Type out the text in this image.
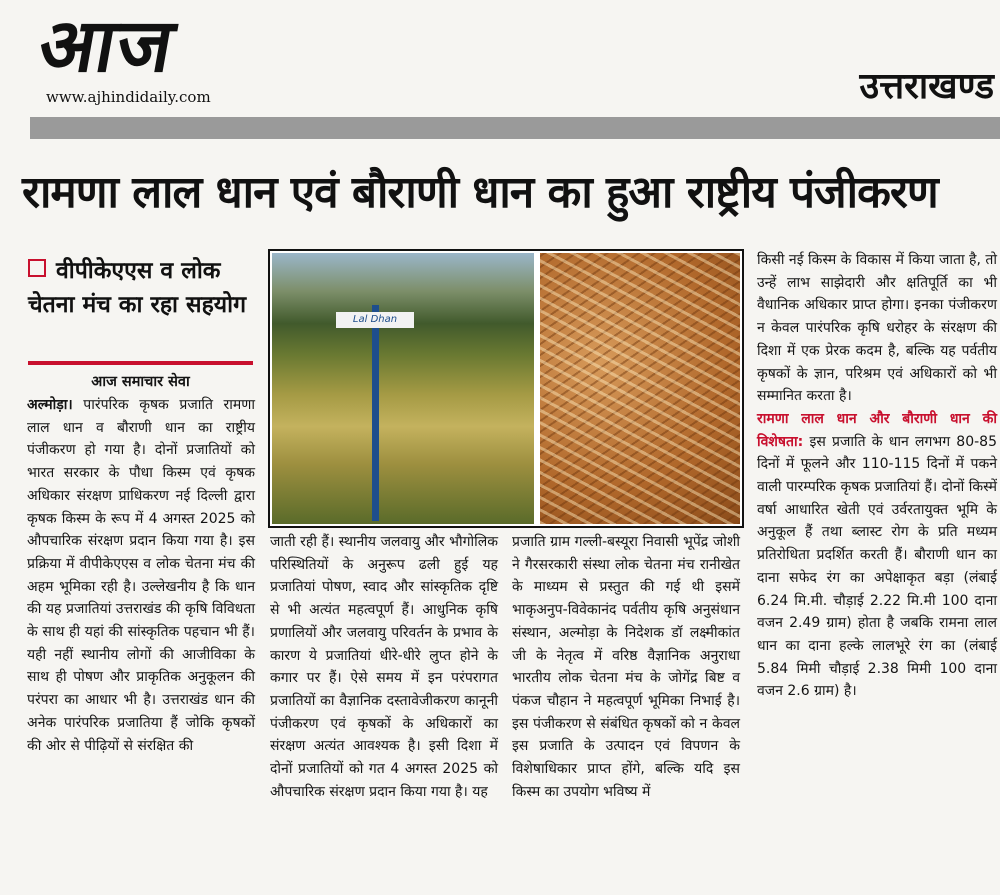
आज
www.ajhindidaily.com	उत्तराखण्ड
रामणा लाल धान एवं बौराणी धान का हुआ राष्ट्रीय पंजीकरण
वीपीकेएएस व लोक चेतना मंच का रहा सहयोग
आज समाचार सेवा
अल्मोड़ा। पारंपरिक कृषक प्रजाति रामणा लाल धान व बौराणी धान का राष्ट्रीय पंजीकरण हो गया है। दोनों प्रजातियों को भारत सरकार के पौधा किस्म एवं कृषक अधिकार संरक्षण प्राधिकरण नई दिल्ली द्वारा कृषक किस्म के रूप में 4 अगस्त 2025 को औपचारिक संरक्षण प्रदान किया गया है। इस प्रक्रिया में वीपीकेएएस व लोक चेतना मंच की अहम भूमिका रही है। उल्लेखनीय है कि धान की यह प्रजातियां उत्तराखंड की कृषि विविधता के साथ ही यहां की सांस्कृतिक पहचान भी हैं। यही नहीं स्थानीय लोगों की आजीविका के साथ ही पोषण और प्राकृतिक अनुकूलन की परंपरा का आधार भी है। उत्तराखंड धान की अनेक पारंपरिक प्रजातिया हैं जोकि कृषकों की ओर से पीढ़ियों से संरक्षित की
Lal Dhan
जाती रही हैं। स्थानीय जलवायु और भौगोलिक परिस्थितियों के अनुरूप ढली हुई यह प्रजातियां पोषण, स्वाद और सांस्कृतिक दृष्टि से भी अत्यंत महत्वपूर्ण हैं। आधुनिक कृषि प्रणालियों और जलवायु परिवर्तन के प्रभाव के कारण ये प्रजातियां धीरे-धीरे लुप्त होने के कगार पर हैं। ऐसे समय में इन परंपरागत प्रजातियों का वैज्ञानिक दस्तावेजीकरण कानूनी पंजीकरण एवं कृषकों के अधिकारों का संरक्षण अत्यंत आवश्यक है। इसी दिशा में दोनों प्रजातियों को गत 4 अगस्त 2025 को औपचारिक संरक्षण प्रदान किया गया है। यह
प्रजाति ग्राम गल्ली-बस्यूरा निवासी भूपेंद्र जोशी ने गैरसरकारी संस्था लोक चेतना मंच रानीखेत के माध्यम से प्रस्तुत की गई थी इसमें भाकृअनुप-विवेकानंद पर्वतीय कृषि अनुसंधान संस्थान, अल्मोड़ा के निदेशक डॉ लक्ष्मीकांत जी के नेतृत्व में वरिष्ठ वैज्ञानिक अनुराधा भारतीय लोक चेतना मंच के जोगेंद्र बिष्ट व पंकज चौहान ने महत्वपूर्ण भूमिका निभाई है। इस पंजीकरण से संबंधित कृषकों को न केवल इस प्रजाति के उत्पादन एवं विपणन के विशेषाधिकार प्राप्त होंगे, बल्कि यदि इस किस्म का उपयोग भविष्य में
किसी नई किस्म के विकास में किया जाता है, तो उन्हें लाभ साझेदारी और क्षतिपूर्ति का भी वैधानिक अधिकार प्राप्त होगा। इनका पंजीकरण न केवल पारंपरिक कृषि धरोहर के संरक्षण की दिशा में एक प्रेरक कदम है, बल्कि यह पर्वतीय कृषकों के ज्ञान, परिश्रम एवं अधिकारों को भी सम्मानित करता है।
रामणा लाल धान और बौराणी धान की विशेषता: इस प्रजाति के धान लगभग 80-85 दिनों में फूलने और 110-115 दिनों में पकने वाली पारम्परिक कृषक प्रजातियां हैं। दोनों किस्में वर्षा आधारित खेती एवं उर्वरतायुक्त भूमि के अनुकूल हैं तथा ब्लास्ट रोग के प्रति मध्यम प्रतिरोधिता प्रदर्शित करती हैं। बौराणी धान का दाना सफेद रंग का अपेक्षाकृत बड़ा (लंबाई 6.24 मि.मी. चौड़ाई 2.22 मि.मी 100 दाना वजन 2.49 ग्राम) होता है जबकि रामना लाल धान का दाना हल्के लालभूरे रंग का (लंबाई 5.84 मिमी चौड़ाई 2.38 मिमी 100 दाना वजन 2.6 ग्राम) है।
